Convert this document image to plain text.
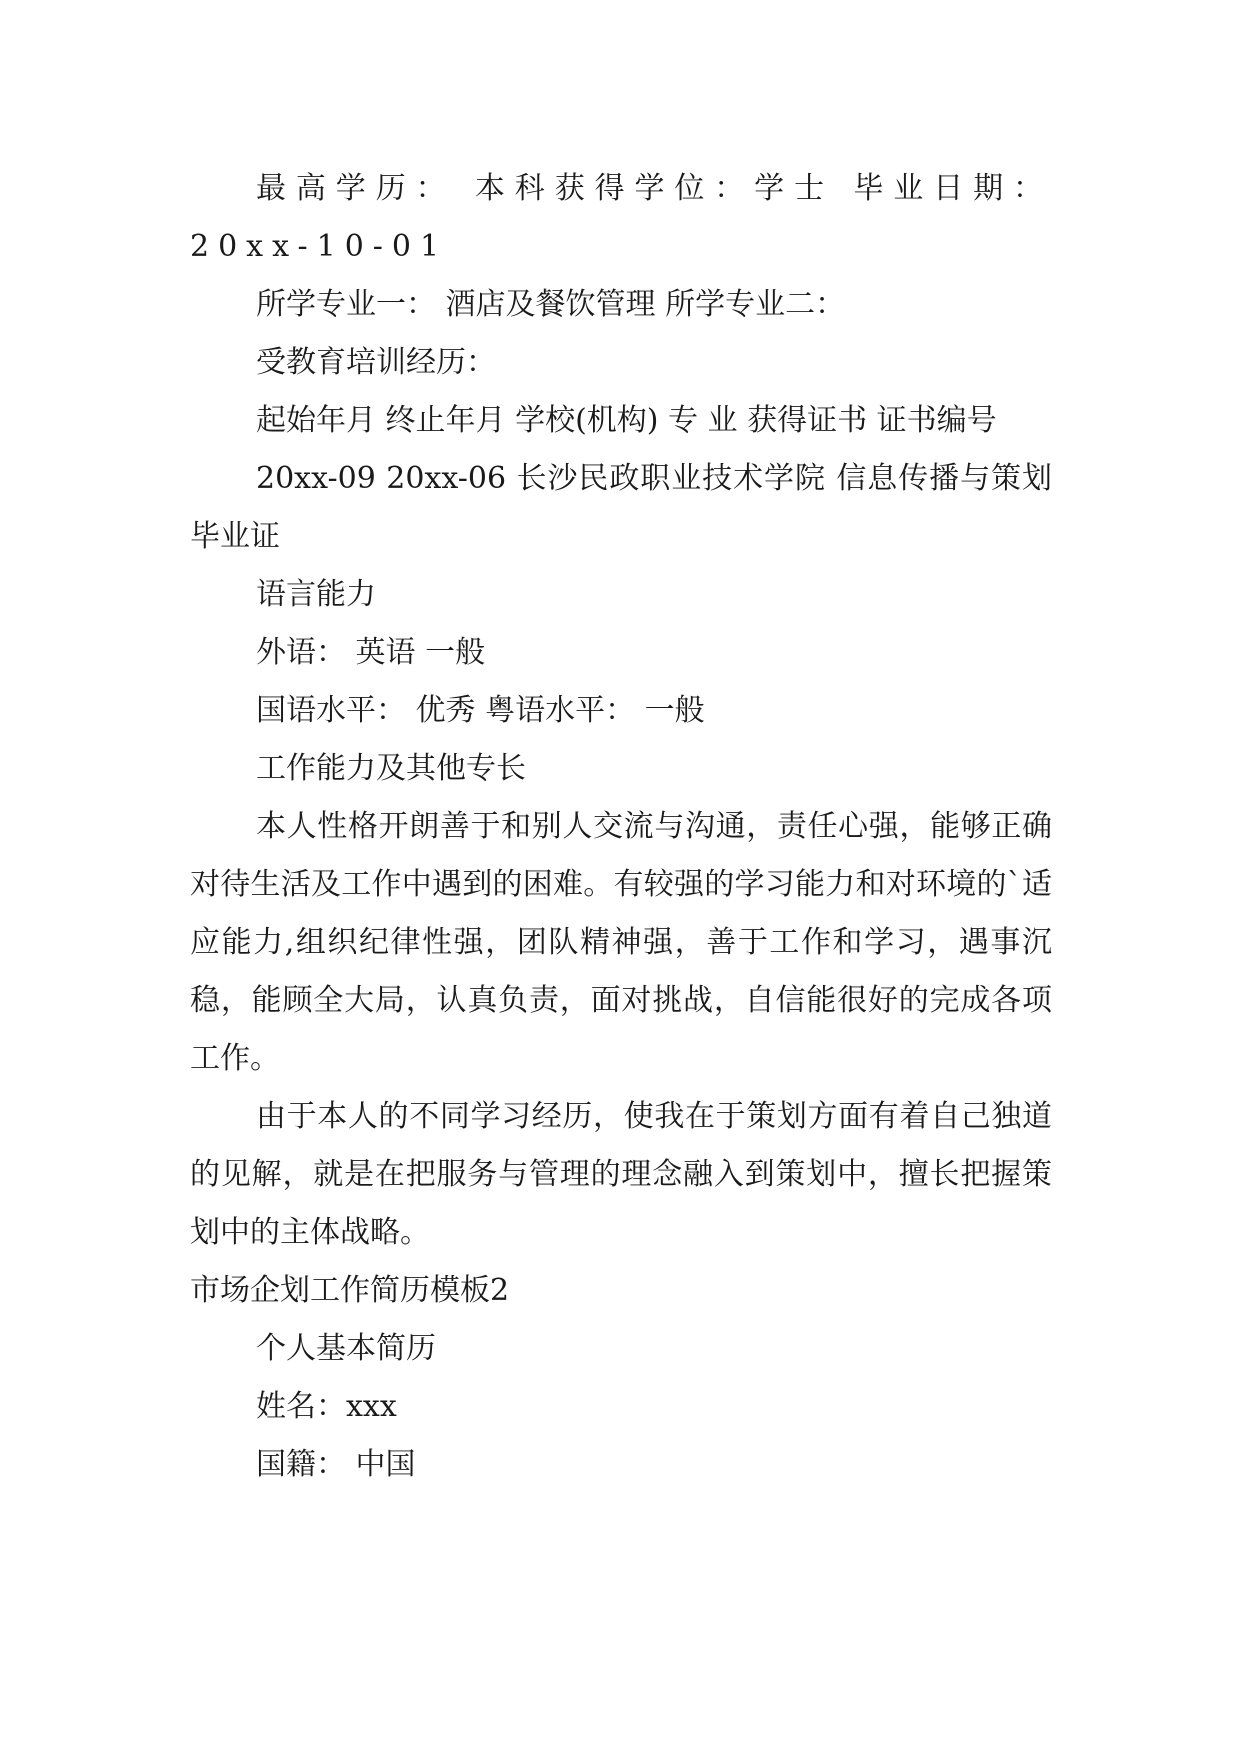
最高学历： 本科获得学位：学士 毕业日期：20xx-10-01

所学专业一： 酒店及餐饮管理 所学专业二：

受教育培训经历：

起始年月 终止年月 学校(机构) 专 业 获得证书 证书编号

20xx-09 20xx-06 长沙民政职业技术学院 信息传播与策划 毕业证

语言能力

外语： 英语 一般

国语水平： 优秀 粤语水平： 一般

工作能力及其他专长

本人性格开朗善于和别人交流与沟通，责任心强，能够正确对待生活及工作中遇到的困难。有较强的学习能力和对环境的`适应能力,组织纪律性强，团队精神强，善于工作和学习，遇事沉稳，能顾全大局，认真负责，面对挑战，自信能很好的完成各项工作。

由于本人的不同学习经历，使我在于策划方面有着自己独道的见解，就是在把服务与管理的理念融入到策划中，擅长把握策划中的主体战略。

市场企划工作简历模板2

个人基本简历

姓名：xxx

国籍： 中国
